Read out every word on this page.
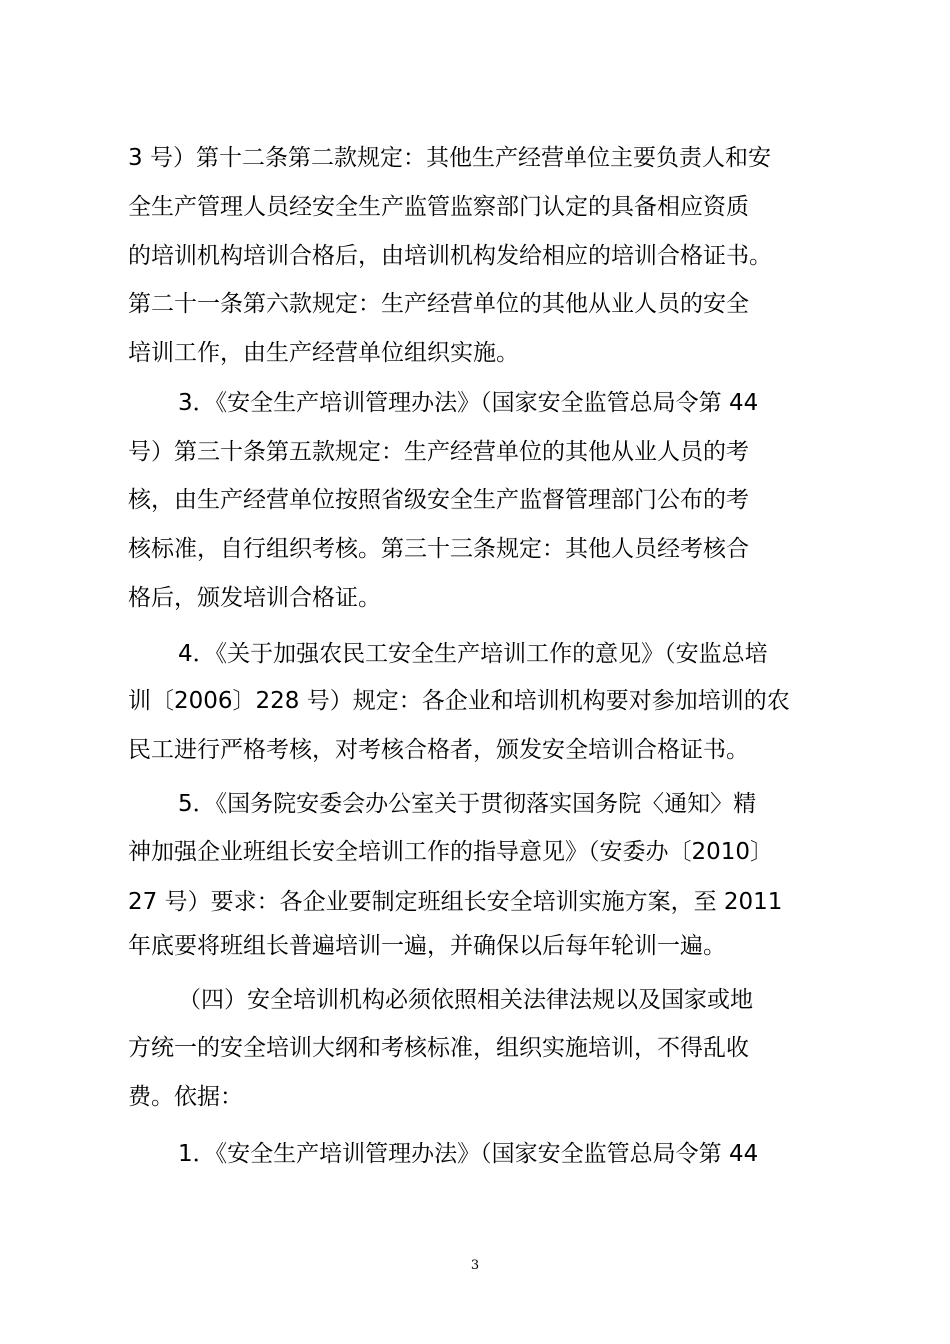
3 号）第十二条第二款规定：其他生产经营单位主要负责人和安
全生产管理人员经安全生产监管监察部门认定的具备相应资质
的培训机构培训合格后，由培训机构发给相应的培训合格证书。
第二十一条第六款规定：生产经营单位的其他从业人员的安全
培训工作，由生产经营单位组织实施。
3．《安全生产培训管理办法》（国家安全监管总局令第 44
号）第三十条第五款规定：生产经营单位的其他从业人员的考
核，由生产经营单位按照省级安全生产监督管理部门公布的考
核标准，自行组织考核。第三十三条规定：其他人员经考核合
格后，颁发培训合格证。
4．《关于加强农民工安全生产培训工作的意见》（安监总培
训〔2006〕228 号）规定：各企业和培训机构要对参加培训的农
民工进行严格考核，对考核合格者，颁发安全培训合格证书。
5．《国务院安委会办公室关于贯彻落实国务院〈通知〉精
神加强企业班组长安全培训工作的指导意见》（安委办〔2010〕
27 号）要求：各企业要制定班组长安全培训实施方案，至 2011
年底要将班组长普遍培训一遍，并确保以后每年轮训一遍。
（四）安全培训机构必须依照相关法律法规以及国家或地
方统一的安全培训大纲和考核标准，组织实施培训，不得乱收
费。依据：
1．《安全生产培训管理办法》（国家安全监管总局令第 44
3
